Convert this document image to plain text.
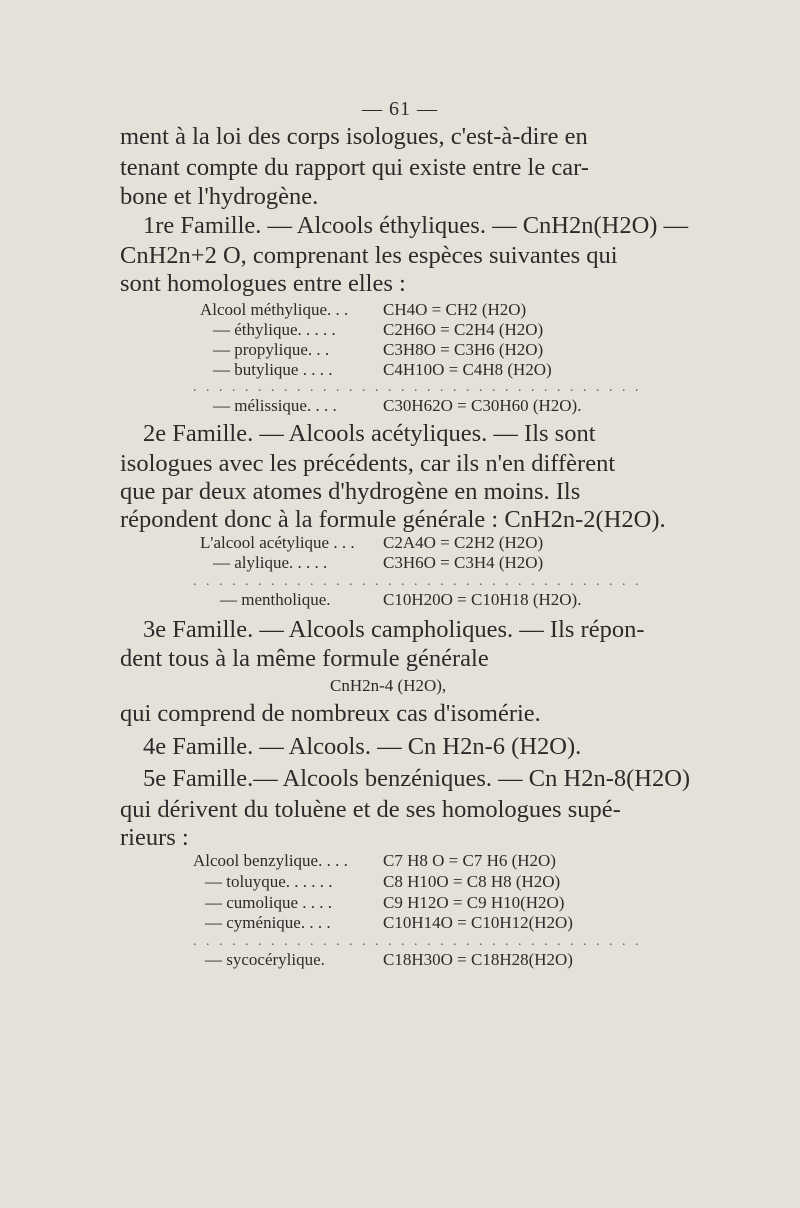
— 61 —
ment à la loi des corps isologues, c'est-à-dire en
tenant compte du rapport qui existe entre le car-
bone et l'hydrogène.
1re Famille. — Alcools éthyliques. — CnH2n(H2O) —
CnH2n+2 O, comprenant les espèces suivantes qui
sont homologues entre elles :
Alcool méthylique. . . CH4O = CH2 (H2O)
— éthylique. . . . .	C2H6O = C2H4 (H2O)
— propylique. . .	C3H8O = C3H6 (H2O)
— butylique . . . .	C4H10O = C4H8 (H2O)
. . . . . . . . . . . . . . . . . . . . . . . . . . . . . . . . . . .
— mélissique. . . .	C30H62O = C30H60 (H2O).
2e Famille. — Alcools acétyliques. — Ils sont
isologues avec les précédents, car ils n'en diffèrent
que par deux atomes d'hydrogène en moins. Ils
répondent donc à la formule générale : CnH2n-2(H2O).
L'alcool acétylique . . . C2A4O = C2H2 (H2O)
— alylique. . . . .	C3H6O = C3H4 (H2O)
. . . . . . . . . . . . . . . . . . . . . . . . . . . . . . . . . . .
— mentholique.	C10H20O = C10H18 (H2O).
3e Famille. — Alcools campholiques. — Ils répon-
dent tous à la même formule générale
CnH2n-4 (H2O),
qui comprend de nombreux cas d'isomérie.
4e Famille. — Alcools. — Cn H2n-6 (H2O).
5e Famille.— Alcools benzéniques. — Cn H2n-8(H2O)
qui dérivent du toluène et de ses homologues supé-
rieurs :
Alcool benzylique. . . . C7 H8 O = C7 H6 (H2O)
— toluyque. . . . . .	C8 H10O = C8 H8 (H2O)
— cumolique . . . .	C9 H12O = C9 H10(H2O)
— cyménique. . . .	C10H14O = C10H12(H2O)
. . . . . . . . . . . . . . . . . . . . . . . . . . . . . . . . . . .
— sycocérylique.	C18H30O = C18H28(H2O)
